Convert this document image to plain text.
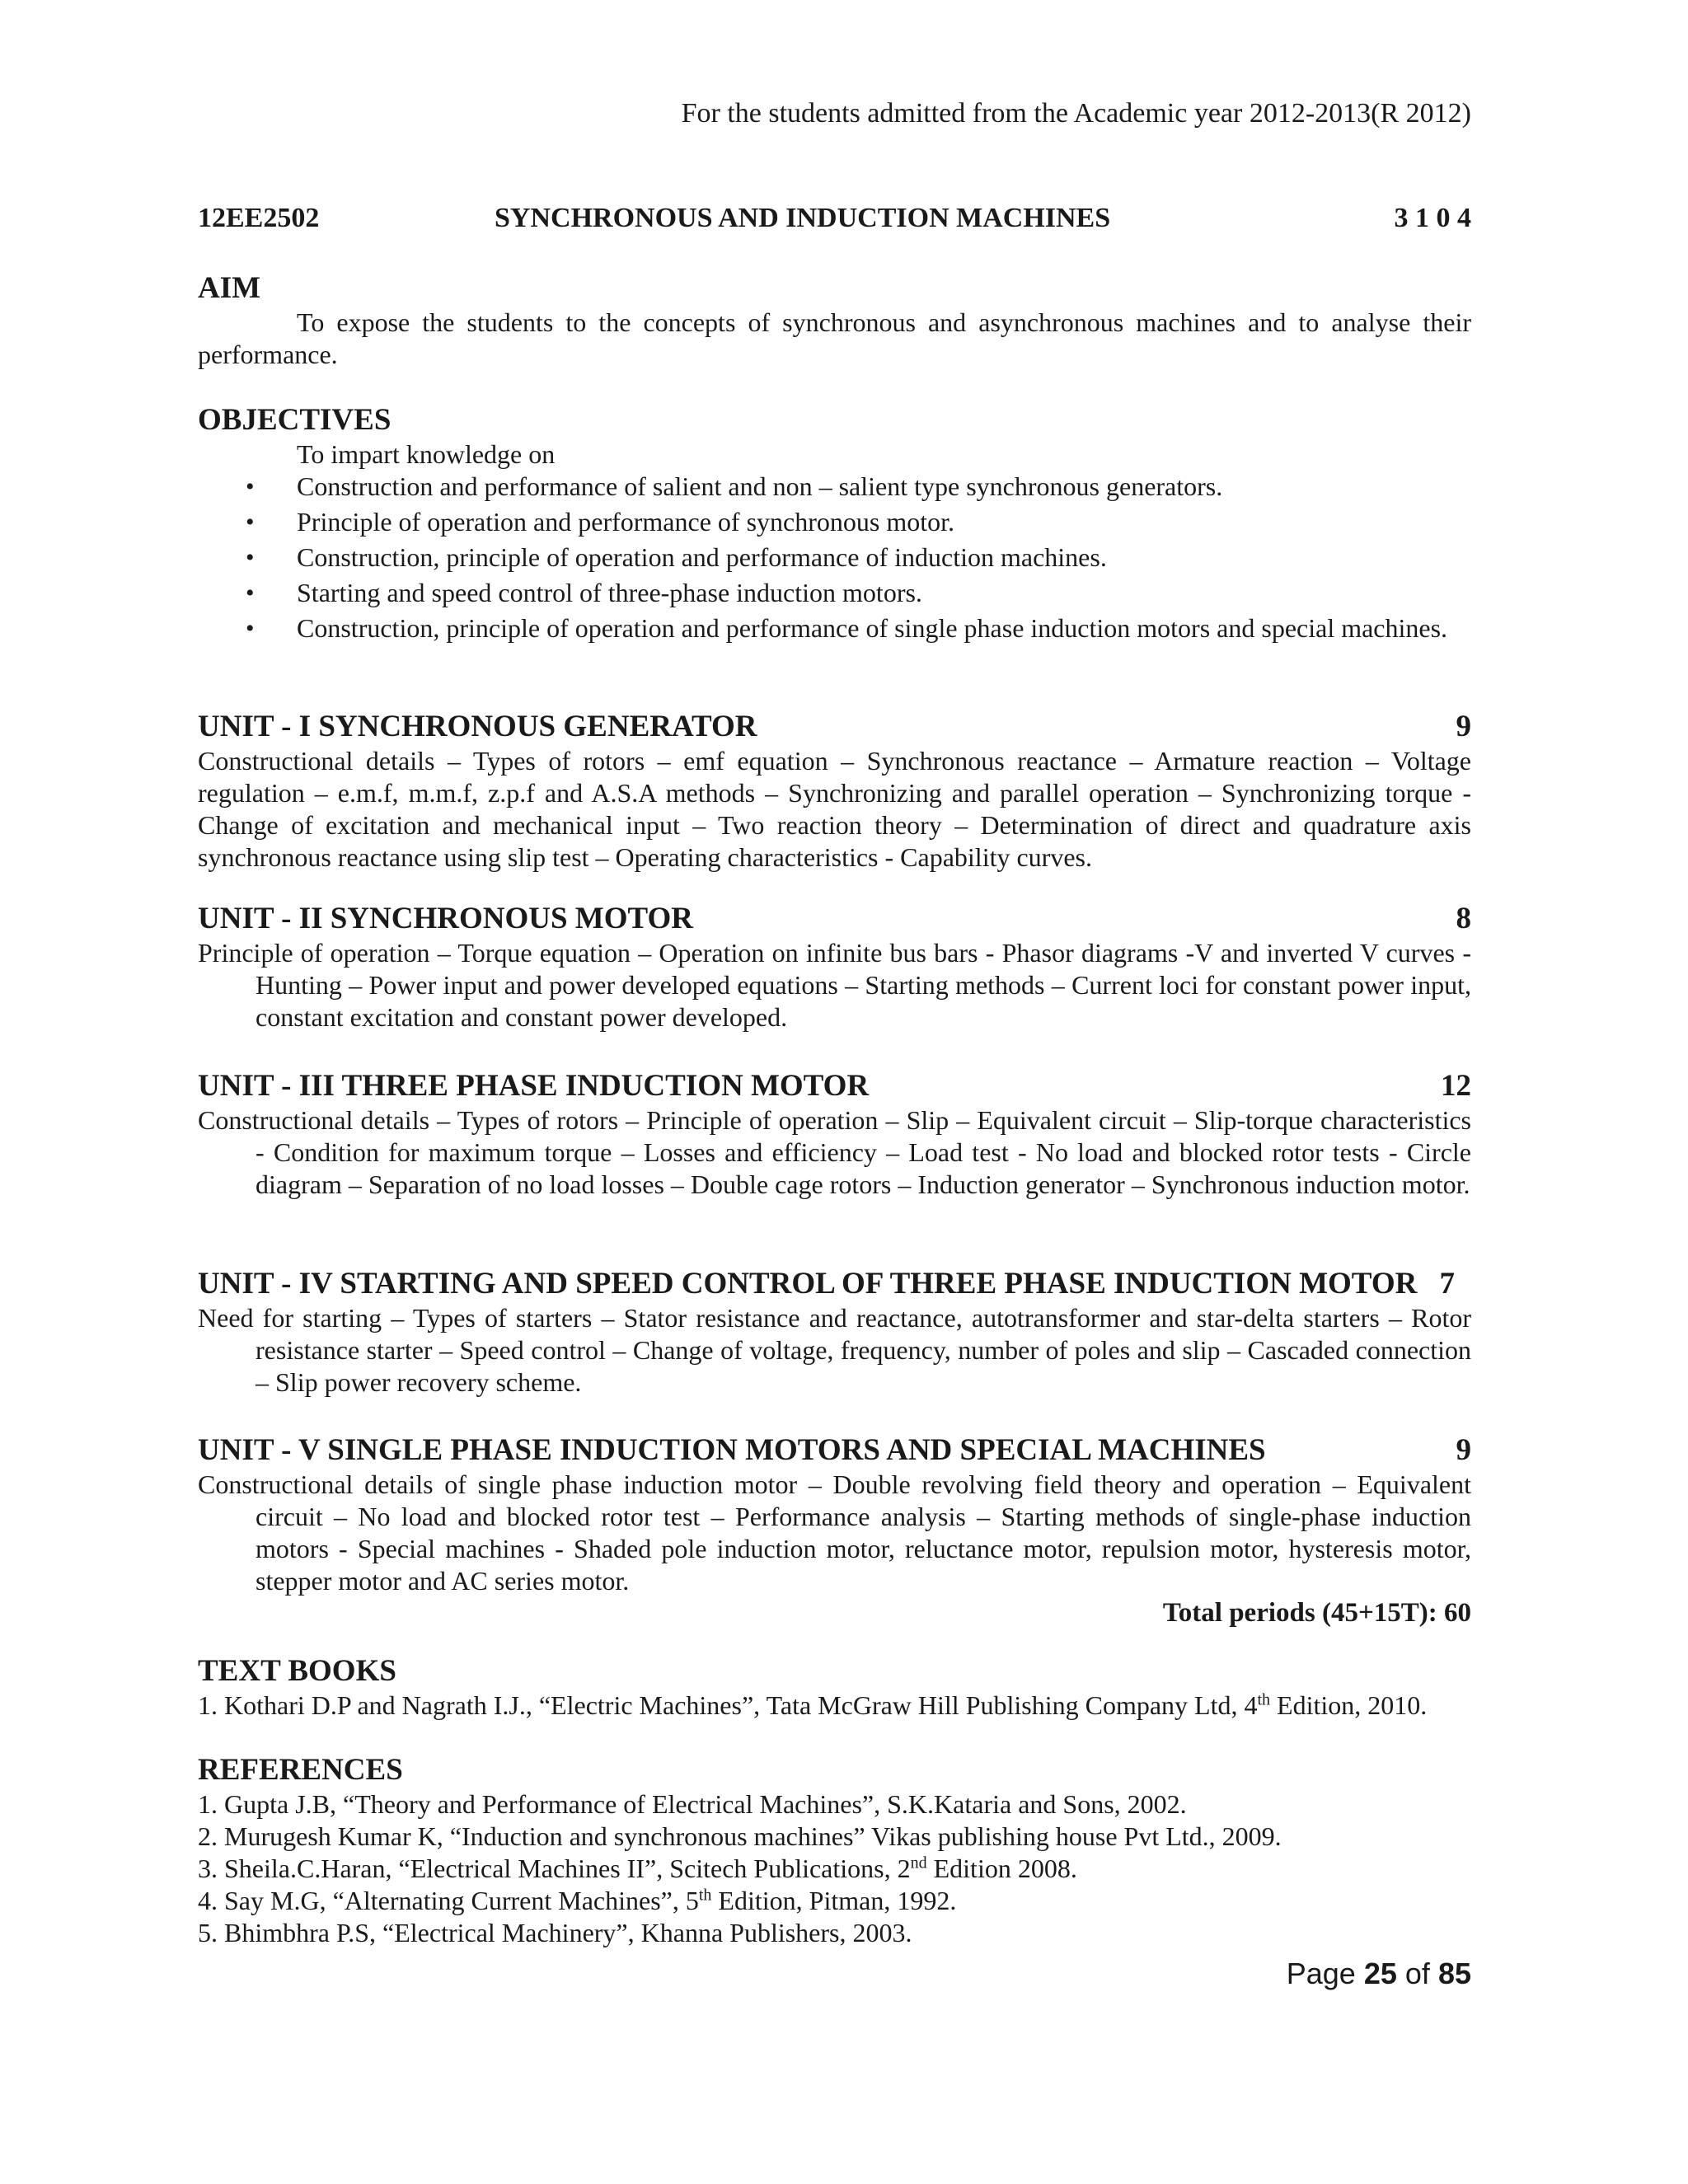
For the students admitted from the Academic year 2012-2013(R 2012)
12EE2502	SYNCHRONOUS AND INDUCTION MACHINES	3 1 0 4
AIM

To expose the students to the concepts of synchronous and asynchronous machines and to analyse their performance.

OBJECTIVES

To impart knowledge on

• Construction and performance of salient and non – salient type synchronous generators.
• Principle of operation and performance of synchronous motor.
• Construction, principle of operation and performance of induction machines.
• Starting and speed control of three-phase induction motors.
• Construction, principle of operation and performance of single phase induction motors and special machines.
UNIT - I SYNCHRONOUS GENERATOR	9

Constructional details – Types of rotors – emf equation – Synchronous reactance – Armature reaction – Voltage regulation – e.m.f, m.m.f, z.p.f and A.S.A methods – Synchronizing and parallel operation – Synchronizing torque - Change of excitation and mechanical input – Two reaction theory – Determination of direct and quadrature axis synchronous reactance using slip test – Operating characteristics - Capability curves.

UNIT - II SYNCHRONOUS MOTOR	8

Principle of operation – Torque equation – Operation on infinite bus bars - Phasor diagrams -V and inverted V curves - Hunting – Power input and power developed equations – Starting methods – Current loci for constant power input, constant excitation and constant power developed.

UNIT - III THREE PHASE INDUCTION MOTOR	12

Constructional details – Types of rotors – Principle of operation – Slip – Equivalent circuit – Slip-torque characteristics - Condition for maximum torque – Losses and efficiency – Load test - No load and blocked rotor tests - Circle diagram – Separation of no load losses – Double cage rotors – Induction generator – Synchronous induction motor.

UNIT - IV STARTING AND SPEED CONTROL OF THREE PHASE INDUCTION MOTOR 7

Need for starting – Types of starters – Stator resistance and reactance, autotransformer and star-delta starters – Rotor resistance starter – Speed control – Change of voltage, frequency, number of poles and slip – Cascaded connection – Slip power recovery scheme.

UNIT - V SINGLE PHASE INDUCTION MOTORS AND SPECIAL MACHINES	9

Constructional details of single phase induction motor – Double revolving field theory and operation – Equivalent circuit – No load and blocked rotor test – Performance analysis – Starting methods of single-phase induction motors - Special machines - Shaded pole induction motor, reluctance motor, repulsion motor, hysteresis motor, stepper motor and AC series motor.

Total periods (45+15T): 60

TEXT BOOKS

1. Kothari D.P and Nagrath I.J., “Electric Machines”, Tata McGraw Hill Publishing Company Ltd, 4th Edition, 2010.

REFERENCES

1. Gupta J.B, “Theory and Performance of Electrical Machines”, S.K.Kataria and Sons, 2002.

2. Murugesh Kumar K, “Induction and synchronous machines” Vikas publishing house Pvt Ltd., 2009.

3. Sheila.C.Haran, “Electrical Machines II”, Scitech Publications, 2nd Edition 2008.

4. Say M.G, “Alternating Current Machines”, 5th Edition, Pitman, 1992.

5. Bhimbhra P.S, “Electrical Machinery”, Khanna Publishers, 2003.

Page 25 of 85
